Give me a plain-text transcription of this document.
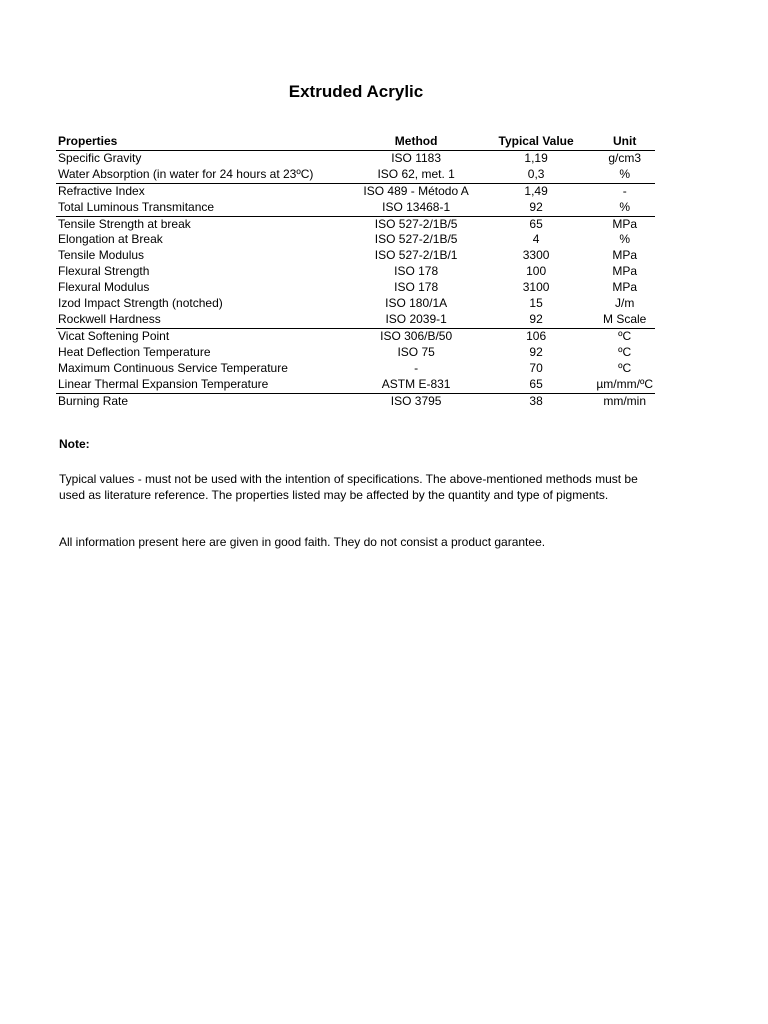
Extruded Acrylic
Properties	Method	Typical Value	Unit
Specific Gravity	ISO 1183	1,19	g/cm3
Water Absorption (in water for 24 hours at 23ºC)	ISO 62, met. 1	0,3	%
Refractive Index	ISO 489 - Método A	1,49	-
Total Luminous Transmitance	ISO 13468-1	92	%
Tensile Strength at break	ISO 527-2/1B/5	65	MPa
Elongation at Break	ISO 527-2/1B/5	4	%
Tensile Modulus	ISO 527-2/1B/1	3300	MPa
Flexural Strength	ISO 178	100	MPa
Flexural Modulus	ISO 178	3100	MPa
Izod Impact Strength (notched)	ISO 180/1A	15	J/m
Rockwell Hardness	ISO 2039-1	92	M Scale
Vicat Softening Point	ISO 306/B/50	106	ºC
Heat Deflection Temperature	ISO 75	92	ºC
Maximum Continuous Service Temperature	-	70	ºC
Linear Thermal Expansion Temperature	ASTM E-831	65	µm/mm/ºC
Burning Rate	ISO 3795	38	mm/min
Note:
Typical values - must not be used with the intention of specifications. The above-mentioned methods must be used as literature reference. The properties listed may be affected by the quantity and type of pigments.
All information present here are given in good faith. They do not consist a product garantee.
